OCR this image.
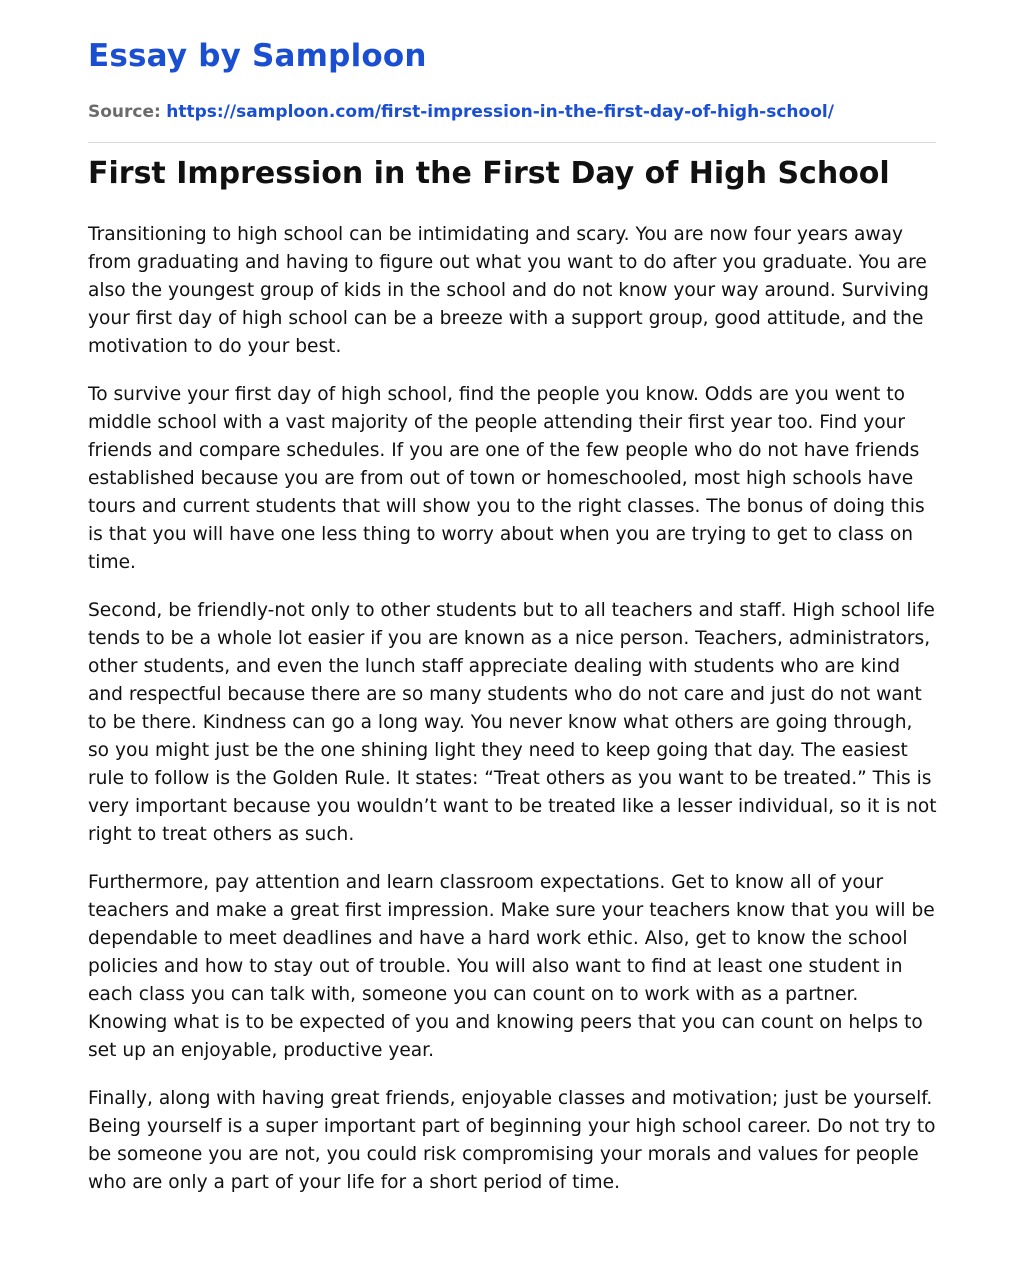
Essay by Samploon
Source: https://samploon.com/first-impression-in-the-first-day-of-high-school/
First Impression in the First Day of High School

Transitioning to high school can be intimidating and scary. You are now four years away from graduating and having to figure out what you want to do after you graduate. You are also the youngest group of kids in the school and do not know your way around. Surviving your first day of high school can be a breeze with a support group, good attitude, and the motivation to do your best.

To survive your first day of high school, find the people you know. Odds are you went to middle school with a vast majority of the people attending their first year too. Find your friends and compare schedules. If you are one of the few people who do not have friends established because you are from out of town or homeschooled, most high schools have tours and current students that will show you to the right classes. The bonus of doing this is that you will have one less thing to worry about when you are trying to get to class on time.

Second, be friendly-not only to other students but to all teachers and staff. High school life tends to be a whole lot easier if you are known as a nice person. Teachers, administrators, other students, and even the lunch staff appreciate dealing with students who are kind and respectful because there are so many students who do not care and just do not want to be there. Kindness can go a long way. You never know what others are going through, so you might just be the one shining light they need to keep going that day. The easiest rule to follow is the Golden Rule. It states: “Treat others as you want to be treated.” This is very important because you wouldn’t want to be treated like a lesser individual, so it is not right to treat others as such.

Furthermore, pay attention and learn classroom expectations. Get to know all of your teachers and make a great first impression. Make sure your teachers know that you will be dependable to meet deadlines and have a hard work ethic. Also, get to know the school policies and how to stay out of trouble. You will also want to find at least one student in each class you can talk with, someone you can count on to work with as a partner. Knowing what is to be expected of you and knowing peers that you can count on helps to set up an enjoyable, productive year.

Finally, along with having great friends, enjoyable classes and motivation; just be yourself. Being yourself is a super important part of beginning your high school career. Do not try to be someone you are not, you could risk compromising your morals and values for people who are only a part of your life for a short period of time.
